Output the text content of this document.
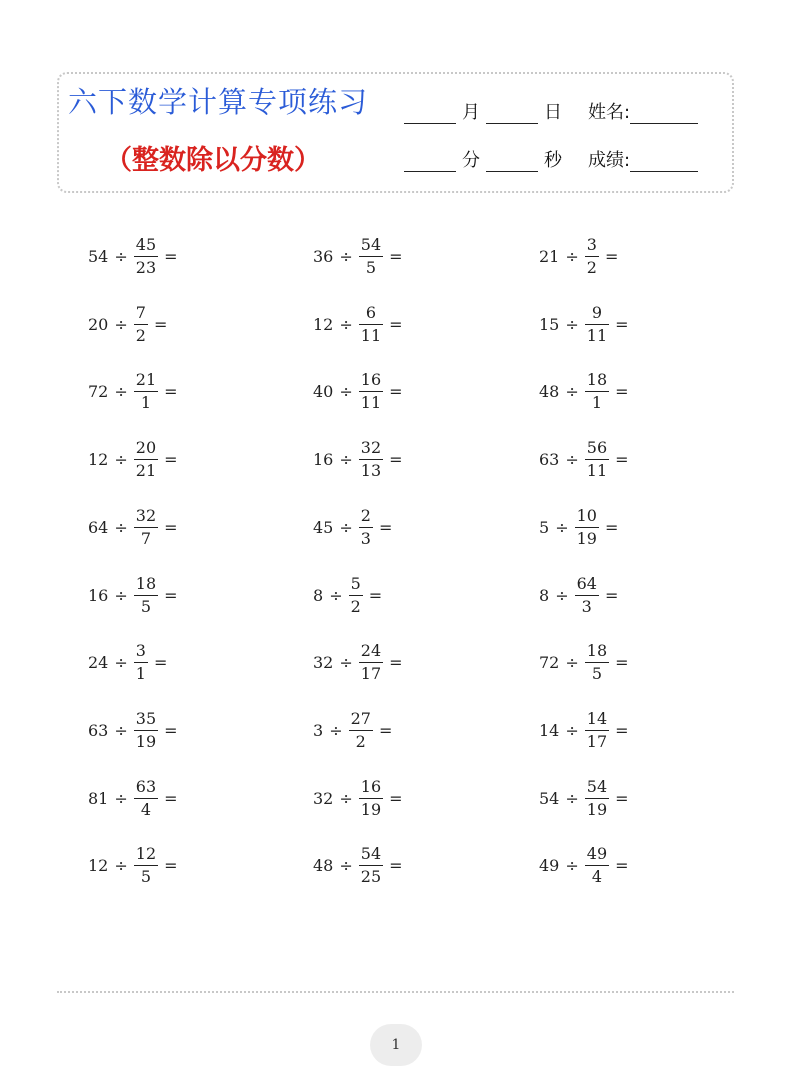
六下数学计算专项练习
（整数除以分数）
月	日 姓名:
分	秒 成绩:
$54 \div \frac{45}{23}$ =	$36 \div \frac{54}{5}$ =	$21 \div \frac{3}{2}$ =
$20 \div \frac{7}{2}$ =	$12 \div \frac{6}{11}$ =	$15 \div \frac{9}{11}$ =
$72 \div \frac{21}{1}$ =	$40 \div \frac{16}{11}$ =	$48 \div \frac{18}{1}$ =
$12 \div \frac{20}{21}$ =	$16 \div \frac{32}{13}$ =	$63 \div \frac{56}{11}$ =
$64 \div \frac{32}{7}$ =	$45 \div \frac{2}{3}$ =	$5 \div \frac{10}{19}$ =
$16 \div \frac{18}{5}$ =	$8 \div \frac{5}{2}$ =	$8 \div \frac{64}{3}$ =
$24 \div \frac{3}{1}$ =	$32 \div \frac{24}{17}$ =	$72 \div \frac{18}{5}$ =
$63 \div \frac{35}{19}$ =	$3 \div \frac{27}{2}$ =	$14 \div \frac{14}{17}$ =
$81 \div \frac{63}{4}$ =	$32 \div \frac{16}{19}$ =	$54 \div \frac{54}{19}$ =
$12 \div \frac{12}{5}$ =	$48 \div \frac{54}{25}$ =	$49 \div \frac{49}{4}$ =
1
